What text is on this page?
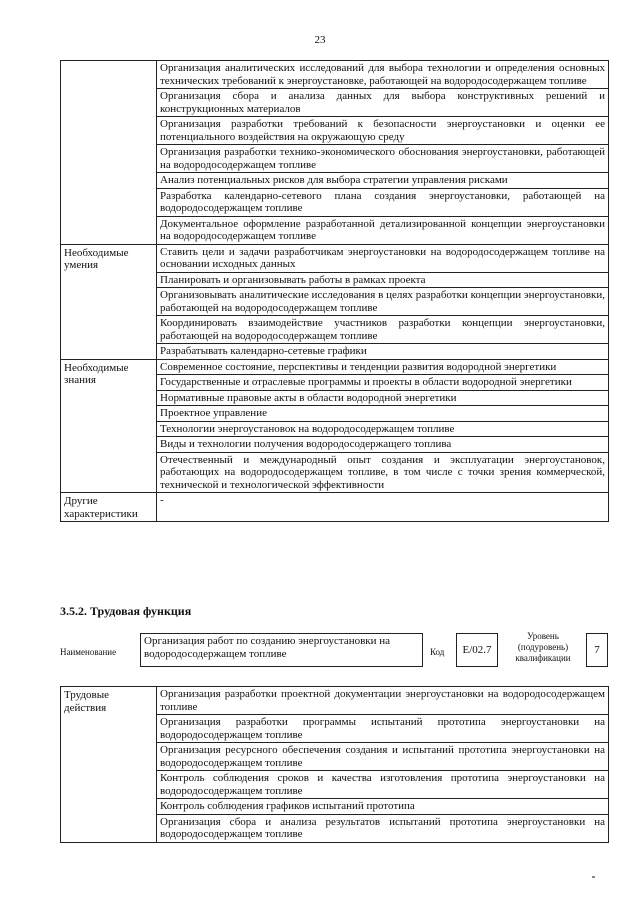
23
	Организация аналитических исследований для выбора технологии и определения основных технических требований к энергоустановке, работающей на водородосодержащем топливе
	Организация сбора и анализа данных для выбора конструктивных решений и конструкционных материалов
	Организация разработки требований к безопасности энергоустановки и оценки ее потенциального воздействия на окружающую среду
	Организация разработки технико-экономического обоснования энергоустановки, работающей на водородосодержащем топливе
	Анализ потенциальных рисков для выбора стратегии управления рисками
	Разработка календарно-сетевого плана создания энергоустановки, работающей на водородосодержащем топливе
	Документальное оформление разработанной детализированной концепции энергоустановки на водородосодержащем топливе
Необходимые умения	Ставить цели и задачи разработчикам энергоустановки на водородосодержащем топливе на основании исходных данных
	Планировать и организовывать работы в рамках проекта
	Организовывать аналитические исследования в целях разработки концепции энергоустановки, работающей на водородосодержащем топливе
	Координировать взаимодействие участников разработки концепции энергоустановки, работающей на водородосодержащем топливе
	Разрабатывать календарно-сетевые графики
Необходимые знания	Современное состояние, перспективы и тенденции развития водородной энергетики
	Государственные и отраслевые программы и проекты в области водородной энергетики
	Нормативные правовые акты в области водородной энергетики
	Проектное управление
	Технологии энергоустановок на водородосодержащем топливе
	Виды и технологии получения водородосодержащего топлива
	Отечественный и международный опыт создания и эксплуатации энергоустановок, работающих на водородосодержащем топливе, в том числе с точки зрения коммерческой, технической и технологической эффективности
Другие характеристики	-
3.5.2. Трудовая функция
Наименование
Организация работ по созданию энергоустановки на водородосодержащем топливе	Код	E/02.7
Уровень (подуровень) квалификации
7
Трудовые действия	Организация разработки проектной документации энергоустановки на водородосодержащем топливе
Организация разработки программы испытаний прототипа энергоустановки на водородосодержащем топливе
Организация ресурсного обеспечения создания и испытаний прототипа энергоустановки на водородосодержащем топливе
Контроль соблюдения сроков и качества изготовления прототипа энергоустановки на водородосодержащем топливе
Контроль соблюдения графиков испытаний прототипа
Организация сбора и анализа результатов испытаний прототипа энергоустановки на водородосодержащем топливе
